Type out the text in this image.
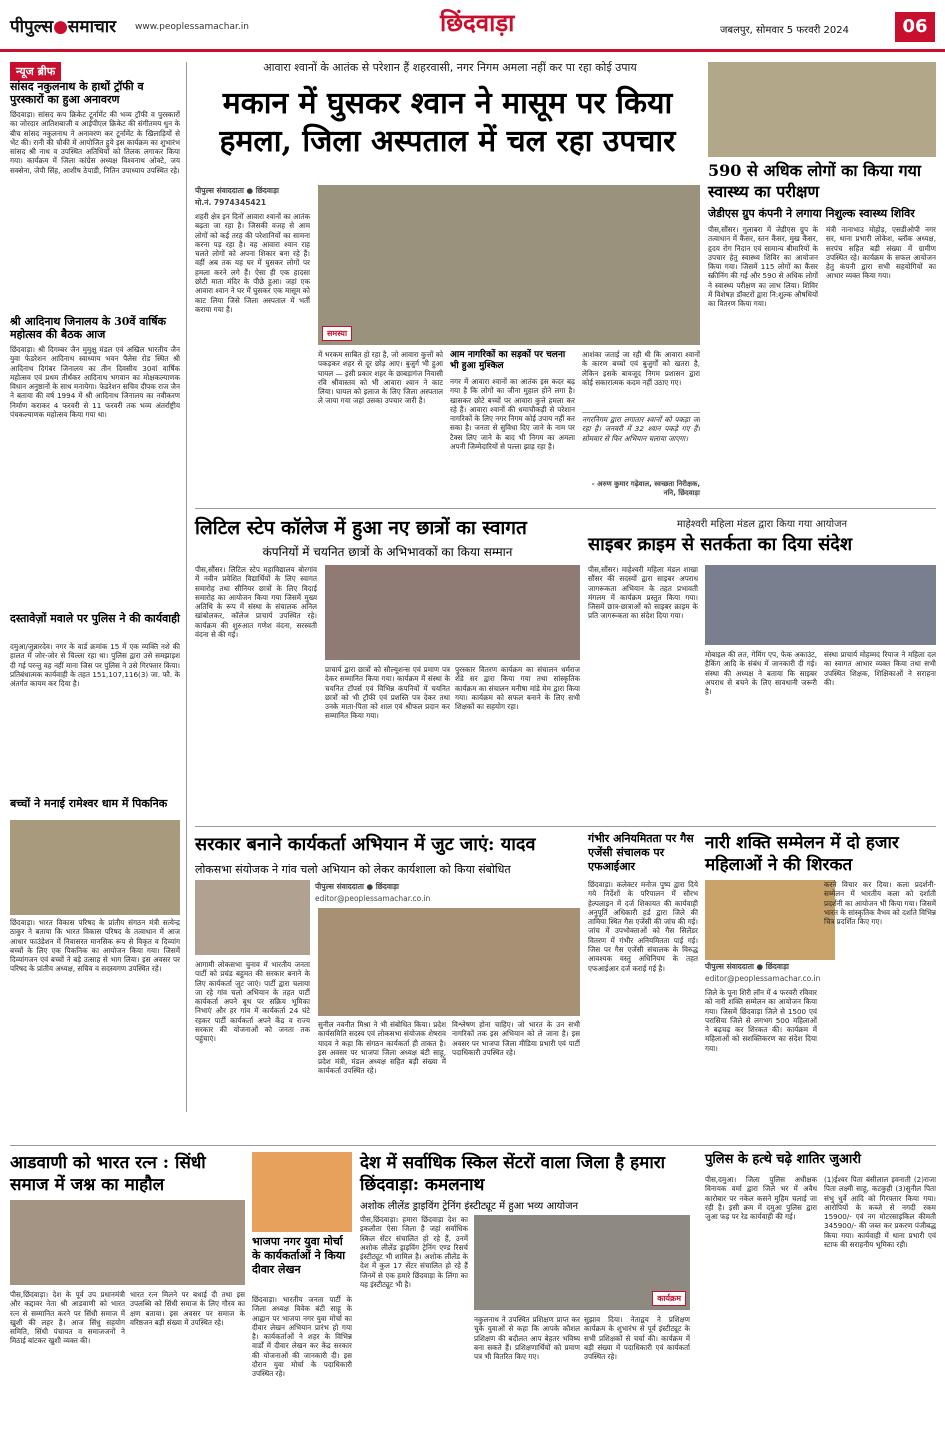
पीपुल्स●समाचार www.peoplessamachar.in	छिंदवाड़ा	जबलपुर, सोमवार 5 फरवरी 2024	06
न्यूज ब्रीफ
सांसद नकुलनाथ के हाथों ट्रॉफी व पुरस्कारों का हुआ अनावरण
छिंदवाड़ा। सांसद कप क्रिकेट टूर्नामेंट की भव्य ट्रॉफी व पुरस्कारों का जोरदार आतिशबाजी व आईपीएल क्रिकेट की संगीतमय धुन के बीच सांसद नकुलनाथ ने अनावरण कर टूर्नामेंट के खिलाड़ियों से भेंट की। रानी की चौकी में आयोजित हुये इस कार्यक्रम का शुभारंभ सांसद श्री नाथ व उपस्थित अतिथियों को तिलक लगाकर किया गया। कार्यक्रम में जिला कांग्रेस अध्यक्ष विश्वनाथ ओक्टे, जय सक्सेना, जेपी सिंह, आशीष ठेपाडी, नितिन उपाध्याय उपस्थित रहे।
श्री आदिनाथ जिनालय के 30वें वार्षिक महोत्सव की बैठक आज
छिंदवाड़ा। श्री दिगम्बर जैन मुमुक्षु मंडल एवं अखिल भारतीय जैन युवा फेडरेशन आदिनाथ स्वाध्याय भवन पैलेस रोड स्थित श्री आदिनाथ दिगंबर जिनालय का तीन दिवसीय 30वां वार्षिक महोत्सव एवं प्रथम तीर्थंकर आदिनाथ भगवान का मोक्षकल्याणक विधान अनुष्ठानों के साथ मनायेगा। फेडरेशन सचिव दीपक राज जैन ने बताया की वर्ष 1994 में श्री आदिनाथ जिनालय का नवीकरण निर्माण कराकर 4 फरवरी से 11 फरवरी तक भव्य अंतर्राष्ट्रीय पंचकल्याणक महोत्सव किया गया था।
दस्तावेज़ों मवाले पर पुलिस ने की कार्यवाही
दमुआ/जुन्नारदेव। नगर के वार्ड क्रमांक 15 में एक व्यक्ति नशे की हालत में जोर-जोर से चिल्ला रहा था। पुलिस द्वारा उसे समझाइश दी गई परन्तु वह नहीं माना जिस पर पुलिस ने उसे गिरफ्तार किया। प्रतिबंधात्मक कार्यवाही के तहत 151,107,116(3) जा. फौ. के अंतर्गत कायम कर दिया है।
बच्चों ने मनाई रामेश्वर धाम में पिकनिक
छिंदवाड़ा। भारत विकास परिषद के प्रांतीय संगठन मंत्री सत्येन्द्र ठाकुर ने बताया कि भारत विकास परिषद के तत्वाधान में आज आधार फाउंडेशन में निवासरत मानसिक रूप से विकृत व दिव्यांग बच्चों के लिए एक पिकनिक का आयोजन किया गया। जिसमें दिव्यांगजन एवं बच्चों ने बड़े उत्साह से भाग लिया। इस अवसर पर परिषद के प्रांतीय अध्यक्ष, सचिव व सदस्यगण उपस्थित रहे।
आवारा श्वानों के आतंक से परेशान हैं शहरवासी, नगर निगम अमला नहीं कर पा रहा कोई उपाय
मकान में घुसकर श्वान ने मासूम पर किया हमला, जिला अस्पताल में चल रहा उपचार
पीपुल्स संवाददाता ● छिंदवाड़ा
मो.नं. 7974345421
समस्या
शहरी क्षेत्र इन दिनों आवारा श्वानों का आतंक बढ़ता जा रहा है। जिसकी वजह से आम लोगों को कई तरह की परेशानियों का सामना करना पड़ रहा है। वह आवारा श्वान राह चलते लोगों को अपना शिकार बना रहे हैं। वहीं अब तक यह घर में घुसकर लोगों पर हमला करने लगे हैं। ऐसा ही एक हादसा छोटी माता मंदिर के पीछे हुआ। जहां एक आवारा श्वान ने घर में घुसकर एक मासूम को काट लिया जिसे जिला अस्पताल में भर्ती कराया गया है।
में भरकम साबित हो रहा है, जो आवारा कुत्तों को पकड़कर शहर से दूर छोड़ आए। बुजुर्ग भी हुआ घायल — इसी प्रकार शहर के छाबड़ागंज निवासी रवि श्रीवास्तव को भी आवारा श्वान ने काट लिया। घायल को इलाज के लिए जिला अस्पताल ले जाया गया जहां उसका उपचार जारी है।
आम नागरिकों का सड़कों पर चलना भी हुआ मुश्किल
नगर में आवारा श्वानों का आतंक इस कदर बढ़ गया है कि लोगों का जीना मुहाल होने लगा है। खासकर छोटे बच्चों पर आवारा कुत्ते हमला कर रहे हैं। आवारा श्वानों की धमाचौकड़ी से परेशान नागरिकों के लिए नगर निगम कोई उपाय नहीं कर सका है। जनता से सुविधा दिए जाने के नाम पर टैक्स लिए जाने के बाद भी निगम का अमला अपनी जिम्मेदारियों से पल्ला झाड़ रहा है।
आशंका जताई जा रही थी कि आवारा श्वानों के कारण बच्चों एवं बुजुर्गों को खतरा है, लेकिन इसके बावजूद निगम प्रशासन द्वारा कोई सकारात्मक कदम नहीं उठाए गए।
नगरनिगम द्वारा लगातार श्वानों को पकड़ा जा रहा है। जनवरी में 32 श्वान पकड़े गए हैं। सोमवार से फिर अभियान चलाया जाएगा।
- अरुण कुमार गढ़ेवाल, स्वच्छता निरीक्षक, ननि, छिंदवाड़ा
590 से अधिक लोगों का किया गया स्वास्थ्य का परीक्षण
जेडीएस ग्रुप कंपनी ने लगाया निशुल्क स्वास्थ्य शिविर
पीस,सौंसर। गुलाबरा में जेडीएस ग्रुप के तत्वाधान में कैंसर, स्तन कैंसर, मुख कैंसर, हृदय रोग निदान एवं सामान्य बीमारियों के उपचार हेतु स्वास्थ्य शिविर का आयोजन किया गया। जिसमें 115 लोगों का कैंसर स्क्रीनिंग की गई और 590 से अधिक लोगों ने स्वास्थ्य परीक्षण का लाभ लिया। शिविर में विशेषज्ञ डॉक्टरों द्वारा नि:शुल्क औषधियों का वितरण किया गया।
मंत्री नानाभाउ मोहोड़, एसडीओपी नगर सर, थाना प्रभारी लोकेश, ब्लॉक अध्यक्ष, सरपंच सहित बड़ी संख्या में ग्रामीण उपस्थित रहे। कार्यक्रम के सफल आयोजन हेतु कंपनी द्वारा सभी सहयोगियों का आभार व्यक्त किया गया।
लिटिल स्टेप कॉलेज में हुआ नए छात्रों का स्वागत
कंपनियों में चयनित छात्रों के अभिभावकों का किया सम्मान
पीस,सौंसर। लिटिल स्टेप महाविद्यालय बोरगांव में नवीन प्रवेशित विद्यार्थियों के लिए स्वागत समारोह तथा सीनियर छात्रों के लिए विदाई समारोह का आयोजन किया गया जिसमें मुख्य अतिथि के रूप में संस्था के संचालक अनिल खांबोलकर, कॉलेज प्राचार्य उपस्थित रहे। कार्यक्रम की शुरुआत गणेश वंदना, सरस्वती वंदना से की गई।
प्राचार्य द्वारा छात्रों को सौल्यूशन्स एवं प्रमाण पत्र देकर सम्मानित किया गया। कार्यक्रम में संस्था के चयनित टॉपर्स एवं विभिन्न कंपनियों में चयनित छात्रों को भी ट्रॉफी एवं प्रशस्ति पत्र देकर तथा उनके माता-पिता को शाल एवं श्रीफल प्रदान कर सम्मानित किया गया।
पुरस्कार वितरण कार्यक्रम का संचालन धर्मराज शेंडे सर द्वारा किया गया तथा सांस्कृतिक कार्यक्रम का संचालन मनीषा मांडे मेम द्वारा किया गया। कार्यक्रम को सफल बनाने के लिए सभी शिक्षकों का सहयोग रहा।
माहेश्वरी महिला मंडल द्वारा किया गया आयोजन
साइबर क्राइम से सतर्कता का दिया संदेश
पीस,सौंसर। माहेश्वरी महिला मंडल शाखा सौंसर की सदस्यों द्वारा साइबर अपराध जागरूकता अभियान के तहत प्रभावती मंगलम में कार्यक्रम प्रस्तुत किया गया। जिसमें छात्र-छात्राओं को साइबर क्राइम के प्रति जागरूकता का संदेश दिया गया।
मोबाइल की लत, गेमिंग एप, फेक अकाउंट, हैकिंग आदि के संबंध में जानकारी दी गई। संस्था की अध्यक्ष ने बताया कि साइबर अपराध से बचने के लिए सावधानी जरूरी है।
संस्था प्राचार्य मोहम्मद रियाज ने महिला दल का स्वागत आभार व्यक्त किया तथा सभी उपस्थित शिक्षक, शिक्षिकाओं ने सराहना की।
सरकार बनाने कार्यकर्ता अभियान में जुट जाएं: यादव
लोकसभा संयोजक ने गांव चलो अभियान को लेकर कार्यशाला को किया संबोधित
पीपुल्स संवाददाता ● छिंदवाड़ा
editor@peoplessamachar.co.in
आगामी लोकसभा चुनाव में भारतीय जनता पार्टी को प्रचंड बहुमत की सरकार बनाने के लिए कार्यकर्ता जुट जाएं। पार्टी द्वारा चलाया जा रहे गांव चलो अभियान के तहत पार्टी कार्यकर्ता अपने बूथ पर सक्रिय भूमिका निभाएं और हर गांव में कार्यकर्ता 24 घंटे रहकर पार्टी कार्यकर्ता अपने केंद्र व राज्य सरकार की योजनाओं को जनता तक पहुंचाएं।
सुनील नवनीत मिश्रा ने भी संबोधित किया। प्रदेश कार्यसमिति सदस्य एवं लोकसभा संयोजक शेषराव यादव ने कहा कि संगठन कार्यकर्ता ही ताकत है। इस अवसर पर भाजपा जिला अध्यक्ष बंटी साहू, प्रदेश मंत्री, मंडल अध्यक्ष सहित बड़ी संख्या में कार्यकर्ता उपस्थित रहे।
विश्लेषण होना चाहिए। जो भारत के उन सभी नागरिकों तक इस अभियान को ले जाना है। इस अवसर पर भाजपा जिला मीडिया प्रभारी एवं पार्टी पदाधिकारी उपस्थित रहे।
गंभीर अनियमितता पर गैस एजेंसी संचालक पर एफआईआर
छिंदवाड़ा। कलेक्टर मनोज पुष्प द्वारा दिये गये निर्देशों के परिपालन में सौरभ हेल्पलाइन में दर्ज शिकायत की कार्यवाही अनुपूर्ति अधिकारी हर्ड द्वारा जिले की तामिया स्थित गैस एजेंसी की जांच की गई। जांच में उपभोक्ताओं को गैस सिलेंडर वितरण में गंभीर अनियमितता पाई गई। जिस पर गैस एजेंसी संचालक के विरुद्ध आवश्यक वस्तु अधिनियम के तहत एफआईआर दर्ज कराई गई है।
नारी शक्ति सम्मेलन में दो हजार महिलाओं ने की शिरकत
पीपुल्स संवाददाता ● छिंदवाड़ा
editor@peoplessamachar.co.in
जिले के पूना शिरी लॉन में 4 फरवरी रविवार को नारी शक्ति सम्मेलन का आयोजन किया गया। जिसमें छिंदवाड़ा जिले से 1500 एवं परासिया जिले से लगभग 500 महिलाओं ने बढ़चढ़ कर शिरकत की। कार्यक्रम में महिलाओं को सशक्तिकरण का संदेश दिया गया।
करने विचार कर दिया। कला प्रदर्शनी-सम्मेलन में भारतीय कला को दर्शाती प्रदर्शनी का आयोजन भी किया गया। जिसमें भारत के सांस्कृतिक वैभव को दर्शाते विभिन्न चित्र प्रदर्शित किए गए।
आडवाणी को भारत रत्न : सिंधी समाज में जश्न का माहौल
पीस,छिंदवाड़ा। देश के पूर्व उप प्रधानमंत्री और कद्दावर नेता श्री आडवाणी को भारत रत्न से सम्मानित करने पर सिंधी समाज में खुशी की लहर है। आज सिंधु सहयोग समिति, सिंधी पंचायत व समाजजनों ने मिठाई बांटकर खुशी व्यक्त की।
भारत रत्न मिलने पर बधाई दी तथा इस उपलब्धि को सिंधी समाज के लिए गौरव का क्षण बताया। इस अवसर पर समाज के वरिष्ठजन बड़ी संख्या में उपस्थित रहे।
भाजपा नगर युवा मोर्चा के कार्यकर्ताओं ने किया दीवार लेखन
छिंदवाड़ा। भारतीय जनता पार्टी के जिला अध्यक्ष विवेक बंटी साहू के आह्वान पर भाजपा नगर युवा मोर्चा का दीवार लेखन अभियान प्रारंभ हो गया है। कार्यकर्ताओं ने शहर के विभिन्न वार्डों में दीवार लेखन कर केंद्र सरकार की योजनाओं की जानकारी दी। इस दौरान युवा मोर्चा के पदाधिकारी उपस्थित रहे।
देश में सर्वाधिक स्किल सेंटरों वाला जिला है हमारा छिंदवाड़ा: कमलनाथ
अशोक लीलेंड ड्राइविंग ट्रेनिंग इंस्टीट्यूट में हुआ भव्य आयोजन
पीस,छिंदवाड़ा। हमारा छिंदवाड़ा देश का इकलौता ऐसा जिला है जहां सर्वाधिक स्किल सेंटर संचालित हो रहे हैं, उनमें अशोक लीलेंड ड्राइविंग ट्रेनिंग एण्ड रिसर्च इंस्टीट्यूट भी शामिल है। अशोक लीलेंड के देश में कुल 17 सेंटर संचालित हो रहे हैं जिनमें से एक हमारे छिंदवाड़ा के लिंगा का यह इंस्टीट्यूट भी है।
कार्यक्रम
नकुलनाथ ने उपस्थित प्रशिक्षण प्राप्त कर चुके युवाओं से कहा कि आपके कौशल प्रशिक्षण की बदौलत आप बेहतर भविष्य बना सकते हैं। प्रशिक्षणार्थियों को प्रमाण पत्र भी वितरित किए गए।
सुझाव दिया। नेताद्वय ने प्रशिक्षण कार्यक्रम के शुभारंभ से पूर्व इंस्टीट्यूट के सभी प्रशिक्षकों से चर्चा की। कार्यक्रम में बड़ी संख्या में पदाधिकारी एवं कार्यकर्ता उपस्थित रहे।
पुलिस के हत्थे चढ़े शातिर जुआरी
पीस,दमुआ। जिला पुलिस अधीक्षक विनायक वर्मा द्वारा जिले भर में अवैध कारोबार पर नकेल कसने मुहिम चलाई जा रही है। इसी क्रम में दमुआ पुलिस द्वारा जुआ फड़ पर रेड कार्यवाही की गई।
(1)ईश्वर पिता बंसीलाल इवनाती (2)राजा पिता लक्ष्मी साहू, कटकुही (3)सुनील पिता संभु धुर्वे आदि को गिरफ्तार किया गया। आरोपियों के कब्जे से नगदी रकम 15900/- एवं नग मोटरसाइकिल कीमती 345900/- की जब्त कर प्रकरण पंजीबद्ध किया गया। कार्यवाही में थाना प्रभारी एवं स्टाफ की सराहनीय भूमिका रही।
